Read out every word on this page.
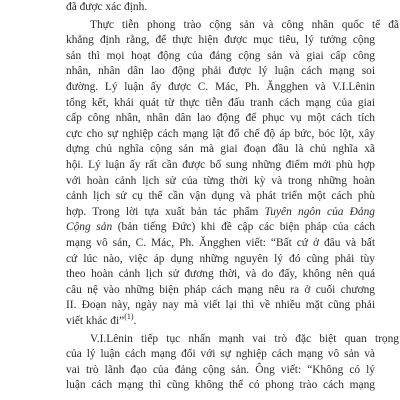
đã được xác định.
Thực tiễn phong trào cộng sản và công nhân quốc tế đã
khẳng định rằng, để thực hiện được mục tiêu, lý tưởng cộng
sản thì mọi hoạt động của đảng cộng sản và giai cấp công
nhân, nhân dân lao động phải được lý luận cách mạng soi
đường. Lý luận ấy được C. Mác, Ph. Ăngghen và V.I.Lênin
tổng kết, khái quát từ thực tiễn đấu tranh cách mạng của giai
cấp công nhân, nhân dân lao động để phục vụ một cách tích
cực cho sự nghiệp cách mạng lật đổ chế độ áp bức, bóc lột, xây
dựng chủ nghĩa cộng sản mà giai đoạn đầu là chủ nghĩa xã
hội. Lý luận ấy rất cần được bổ sung những điểm mới phù hợp
với hoàn cảnh lịch sử của từng thời kỳ và trong những hoàn
cảnh lịch sử cụ thể cần vận dụng và phát triển một cách phù
hợp. Trong lời tựa xuất bản tác phẩm Tuyên ngôn của Đảng
Cộng sản (bản tiếng Đức) khi đề cập các biện pháp của cách
mạng vô sản, C. Mác, Ph. Ăngghen viết: “Bất cứ ở đâu và bất
cứ lúc nào, việc áp dụng những nguyên lý đó cũng phải tùy
theo hoàn cảnh lịch sử đương thời, và do đấy, không nên quá
câu nệ vào những biện pháp cách mạng nêu ra ở cuối chương
II. Đoạn này, ngày nay mà viết lại thì về nhiều mặt cũng phải
viết khác đi”$^{(1)}$.
V.I.Lênin tiếp tục nhấn mạnh vai trò đặc biệt quan trọng
của lý luận cách mạng đối với sự nghiệp cách mạng vô sản và
vai trò lãnh đạo của đảng cộng sản. Ông viết: “Không có lý
luận cách mạng thì cũng không thể có phong trào cách mạng
